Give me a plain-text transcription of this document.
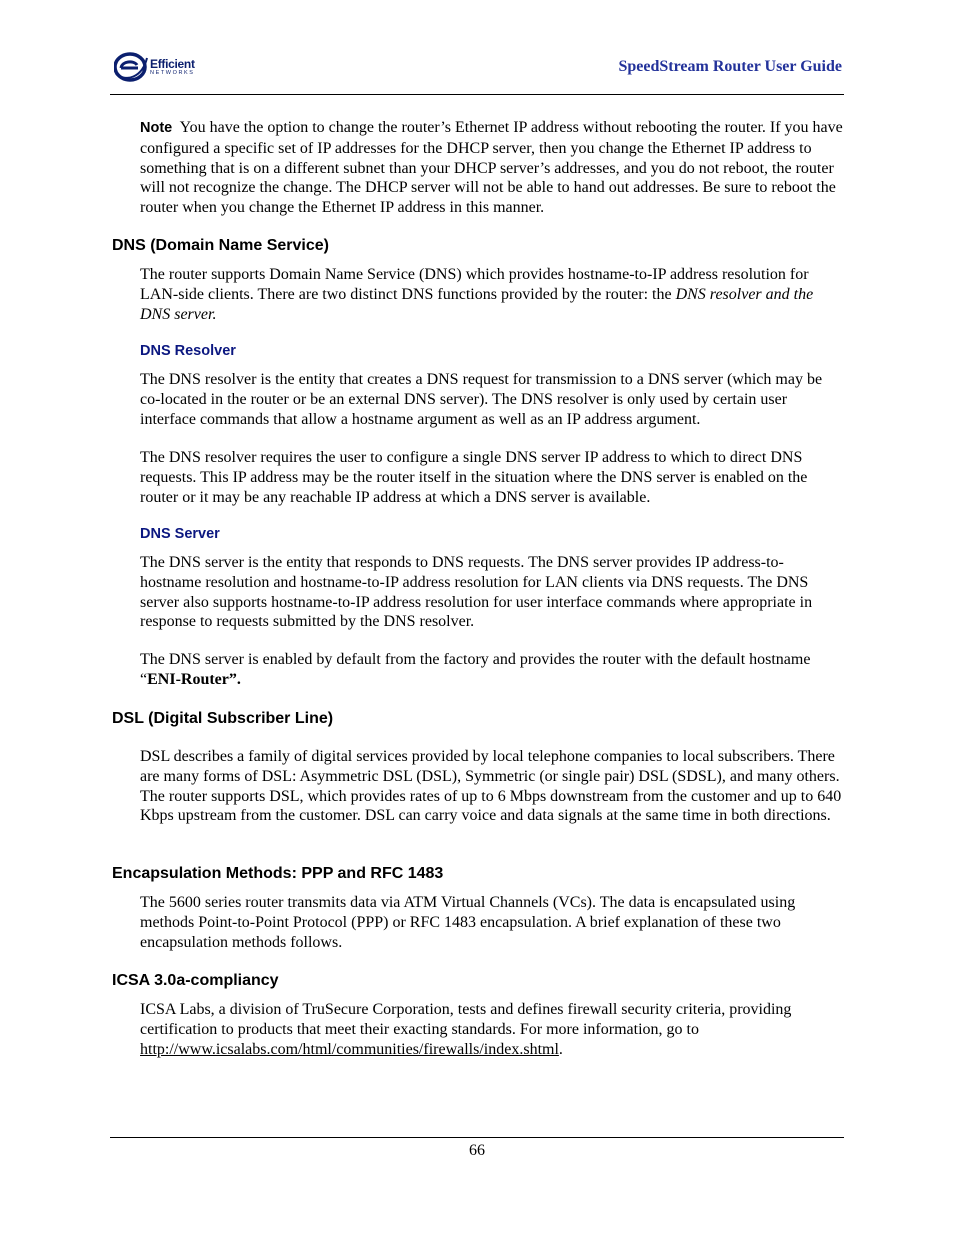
Efficient
NETWORKS	SpeedStream Router User Guide

Note You have the option to change the router’s Ethernet IP address without rebooting the router. If you have configured a specific set of IP addresses for the DHCP server, then you change the Ethernet IP address to something that is on a different subnet than your DHCP server’s addresses, and you do not reboot, the router will not recognize the change. The DHCP server will not be able to hand out addresses. Be sure to reboot the router when you change the Ethernet IP address in this manner.

DNS (Domain Name Service)

The router supports Domain Name Service (DNS) which provides hostname-to-IP address resolution for LAN-side clients. There are two distinct DNS functions provided by the router: the DNS resolver and the DNS server.

DNS Resolver

The DNS resolver is the entity that creates a DNS request for transmission to a DNS server (which may be co-located in the router or be an external DNS server). The DNS resolver is only used by certain user interface commands that allow a hostname argument as well as an IP address argument.

The DNS resolver requires the user to configure a single DNS server IP address to which to direct DNS requests. This IP address may be the router itself in the situation where the DNS server is enabled on the router or it may be any reachable IP address at which a DNS server is available.

DNS Server

The DNS server is the entity that responds to DNS requests. The DNS server provides IP address-to-hostname resolution and hostname-to-IP address resolution for LAN clients via DNS requests. The DNS server also supports hostname-to-IP address resolution for user interface commands where appropriate in response to requests submitted by the DNS resolver.

The DNS server is enabled by default from the factory and provides the router with the default hostname “ENI-Router”.

DSL (Digital Subscriber Line)

DSL describes a family of digital services provided by local telephone companies to local subscribers. There are many forms of DSL: Asymmetric DSL (DSL), Symmetric (or single pair) DSL (SDSL), and many others. The router supports DSL, which provides rates of up to 6 Mbps downstream from the customer and up to 640 Kbps upstream from the customer. DSL can carry voice and data signals at the same time in both directions.

Encapsulation Methods: PPP and RFC 1483

The 5600 series router transmits data via ATM Virtual Channels (VCs). The data is encapsulated using methods Point-to-Point Protocol (PPP) or RFC 1483 encapsulation. A brief explanation of these two encapsulation methods follows.

ICSA 3.0a-compliancy

ICSA Labs, a division of TruSecure Corporation, tests and defines firewall security criteria, providing certification to products that meet their exacting standards. For more information, go to http://www.icsalabs.com/html/communities/firewalls/index.shtml.

66
